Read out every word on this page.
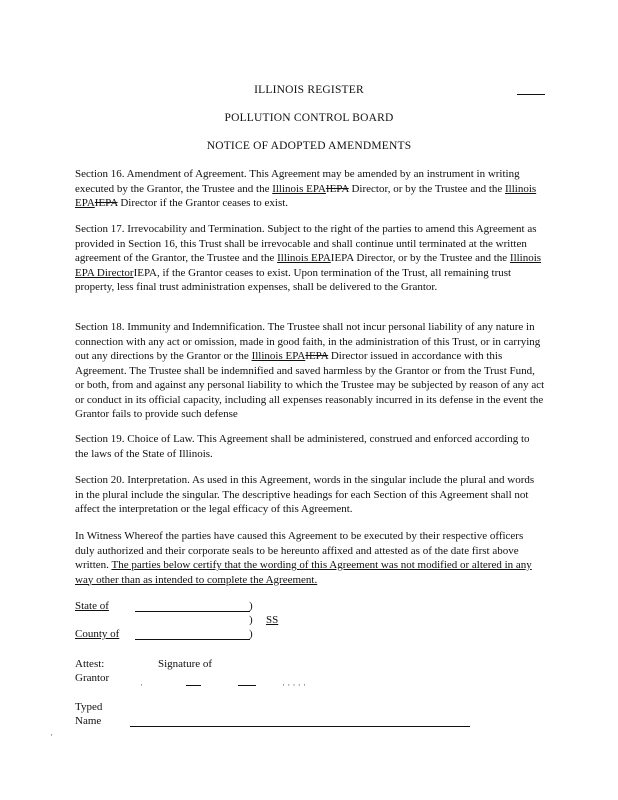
ILLINOIS REGISTER
POLLUTION CONTROL BOARD
NOTICE OF ADOPTED AMENDMENTS

Section 16. Amendment of Agreement. This Agreement may be amended by an instrument in writing executed by the Grantor, the Trustee and the Illinois EPAIEPA Director, or by the Trustee and the Illinois EPAIEPA Director if the Grantor ceases to exist.

Section 17. Irrevocability and Termination. Subject to the right of the parties to amend this Agreement as provided in Section 16, this Trust shall be irrevocable and shall continue until terminated at the written agreement of the Grantor, the Trustee and the Illinois EPAIEPA Director, or by the Trustee and the Illinois EPA DirectorIEPA, if the Grantor ceases to exist. Upon termination of the Trust, all remaining trust property, less final trust administration expenses, shall be delivered to the Grantor.

Section 18. Immunity and Indemnification. The Trustee shall not incur personal liability of any nature in connection with any act or omission, made in good faith, in the administration of this Trust, or in carrying out any directions by the Grantor or the Illinois EPAIEPA Director issued in accordance with this Agreement. The Trustee shall be indemnified and saved harmless by the Grantor or from the Trust Fund, or both, from and against any personal liability to which the Trustee may be subjected by reason of any act or conduct in its official capacity, including all expenses reasonably incurred in its defense in the event the Grantor fails to provide such defense

Section 19. Choice of Law. This Agreement shall be administered, construed and enforced according to the laws of the State of Illinois.

Section 20. Interpretation. As used in this Agreement, words in the singular include the plural and words in the plural include the singular. The descriptive headings for each Section of this Agreement shall not affect the interpretation or the legal efficacy of this Agreement.

In Witness Whereof the parties have caused this Agreement to be executed by their respective officers duly authorized and their corporate seals to be hereunto affixed and attested as of the date first above written. The parties below certify that the wording of this Agreement was not modified or altered in any way other than as intended to complete the Agreement.

State of	)
) SS
County of	)
Attest:	Signature of
Grantor
·	· · · · ·
Typed
Name
·
